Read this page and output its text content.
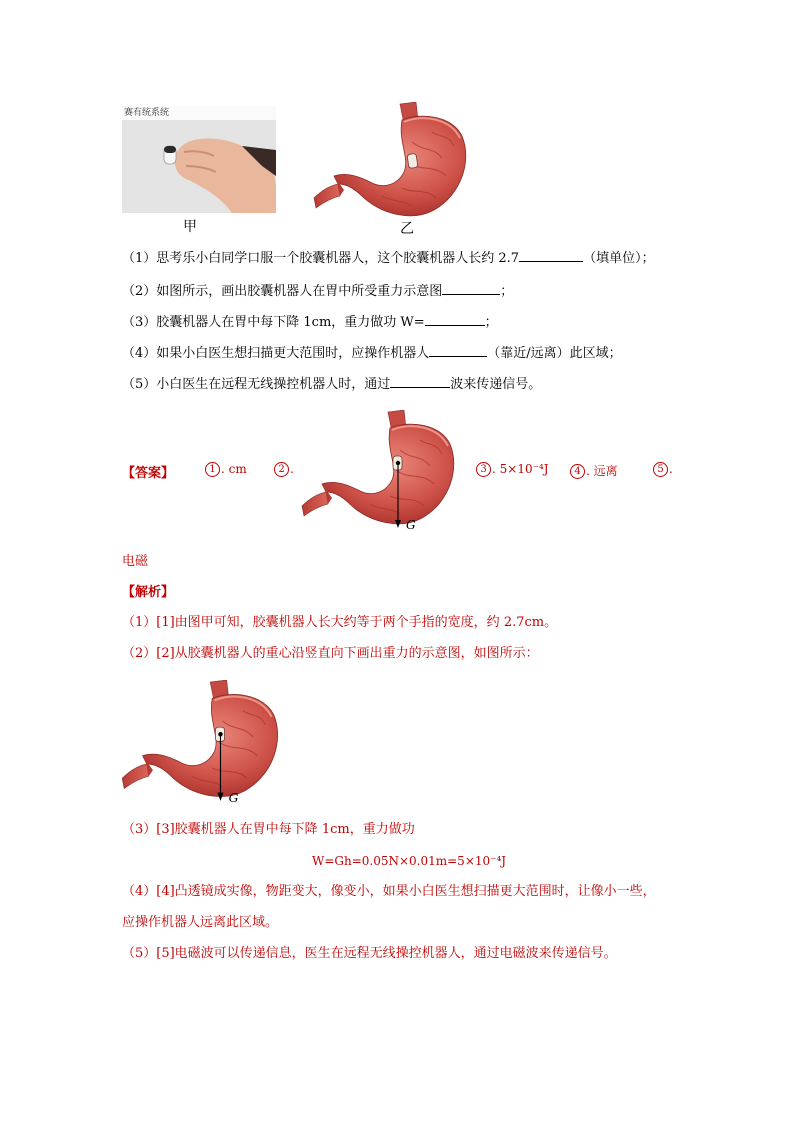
赛有统系统
甲	乙
（1）思考乐小白同学口服一个胶囊机器人，这个胶囊机器人长约 2.7	（填单位）；
（2）如图所示，画出胶囊机器人在胃中所受重力示意图	；
（3）胶囊机器人在胃中每下降 1cm，重力做功 W=	；
（4）如果小白医生想扫描更大范围时，应操作机器人	（靠近/远离）此区域；
（5）小白医生在远程无线操控机器人时，通过	波来传递信号。
【答案】	1 . cm	2 .
G
3 . 5×10⁻⁴J	4 . 远离	5 .
电磁
【解析】
（1）[1]由图甲可知，胶囊机器人长大约等于两个手指的宽度，约 2.7cm。
（2）[2]从胶囊机器人的重心沿竖直向下画出重力的示意图，如图所示：
G
（3）[3]胶囊机器人在胃中每下降 1cm，重力做功
W=Gh=0.05N×0.01m=5×10⁻⁴J
（4）[4]凸透镜成实像，物距变大，像变小，如果小白医生想扫描更大范围时，让像小一些，
应操作机器人远离此区域。
（5）[5]电磁波可以传递信息，医生在远程无线操控机器人，通过电磁波来传递信号。
